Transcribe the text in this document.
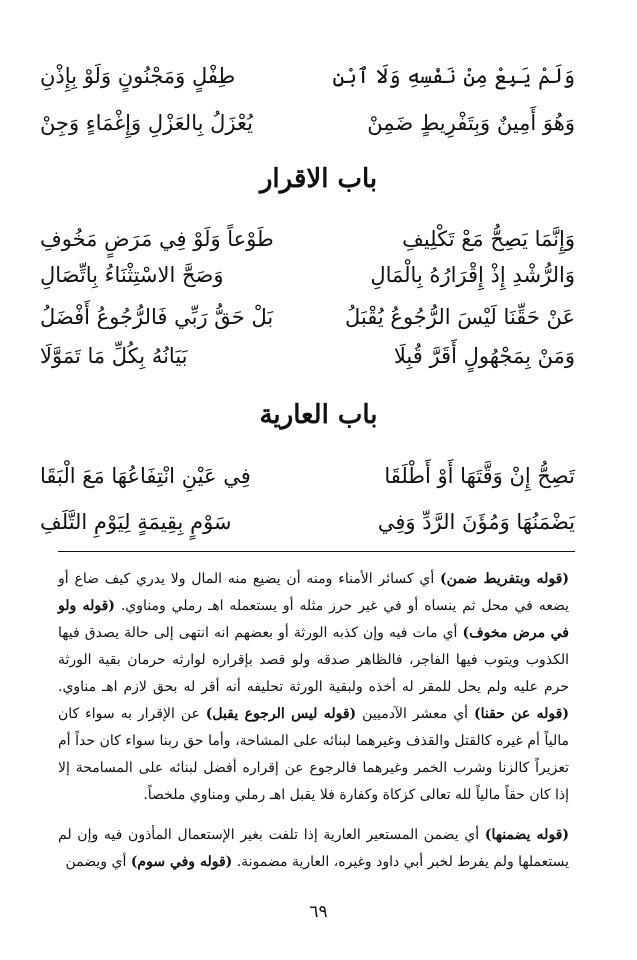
وَلَمْ يَبِعْ مِنْ نَفْسِهِ وَلَا ٱبْنِ
طِفْلٍ وَمَجْنُونٍ وَلَوْ بِإِذْنِ
وَهُوَ أَمِينٌ وَبِتَفْرِيطٍ ضَمِنْ
يُعْزَلُ بِالعَزْلِ وَإِغْمَاءٍ وَجِنْ
باب الاقرار
وَإِنَّمَا يَصِحُّ مَعْ تَكْلِيفِ
طَوْعاً وَلَوْ فِي مَرَضٍ مَخُوفِ
وَالرُّشْدِ إِذْ إِقْرَارُهُ بِالْمَالِ
وَصَحَّ الاسْتِثْنَاءُ بِاتِّصَالِ
عَنْ حَقِّنَا لَيْسَ الرُّجُوعُ يُقْبَلُ
بَلْ حَقُّ رَبِّي فَالرُّجُوعُ أَفْضَلُ
وَمَنْ بِمَجْهُولٍ أَقَرَّ قُبِلَا
بَيَانُهُ بِكُلِّ مَا تَمَوَّلَا
باب العارية
تَصِحُّ إِنْ وَقَّتَهَا أَوْ أَطْلَقَا
فِي عَيْنِ انْتِفَاعُهَا مَعَ الْبَقَا
يَضْمَنُهَا وَمُؤَنَ الرَّدِّ وَفِي
سَوْمٍ بِقِيمَةٍ لِيَوْمِ التَّلَفِ
(قوله وبتفريط ضمن) أي كسائر الأمناء ومنه أن يضيع منه المال ولا يدري كيف ضاع أو يضعه في محل ثم ينساه أو في غير حرز مثله أو يستعمله اهـ رملي ومناوي. (قوله ولو في مرض مخوف) أي مات فيه وإن كذبه الورثة أو بعضهم انه انتهى إلى حالة يصدق فيها الكذوب ويتوب فيها الفاجر، فالظاهر صدقه ولو قصد بإقراره لوارثه حرمان بقية الورثة حرم عليه ولم يحل للمقر له أخذه ولبقية الورثة تحليفه أنه أقر له بحق لازم اهـ مناوي. (قوله عن حقنا) أي معشر الآدميين (قوله ليس الرجوع يقبل) عن الإقرار به سواء كان مالياً أم غيره كالقتل والقذف وغيرهما لبنائه على المشاحة، وأما حق ربنا سواء كان حداً أم تعزيراً كالزنا وشرب الخمر وغيرهما فالرجوع عن إقراره أفضل لبنائه على المسامحة إلا إذا كان حقاً مالياً لله تعالى كزكاة وكفارة فلا يقبل اهـ رملي ومناوي ملخصاً.
(قوله يضمنها) أي يضمن المستعير العارية إذا تلفت بغير الإستعمال المأذون فيه وإن لم يستعملها ولم يفرط لخبر أبي داود وغيره، العارية مضمونة. (قوله وفي سوم) أي ويضمن
٦٩
